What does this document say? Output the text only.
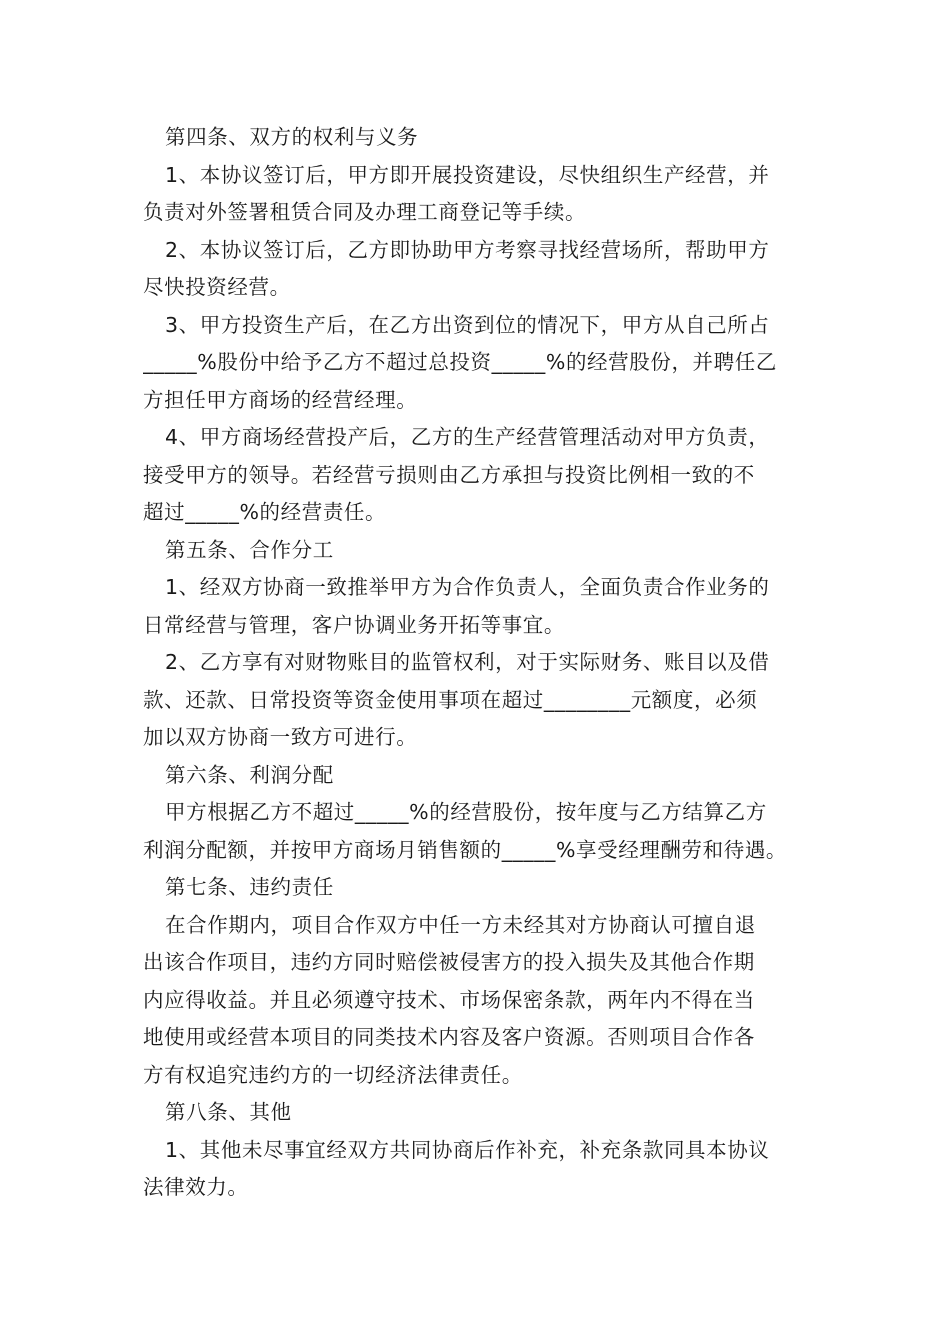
第四条、双方的权利与义务
1、本协议签订后，甲方即开展投资建设，尽快组织生产经营，并
负责对外签署租赁合同及办理工商登记等手续。
2、本协议签订后，乙方即协助甲方考察寻找经营场所，帮助甲方
尽快投资经营。
3、甲方投资生产后，在乙方出资到位的情况下，甲方从自己所占
_____%股份中给予乙方不超过总投资_____%的经营股份，并聘任乙
方担任甲方商场的经营经理。
4、甲方商场经营投产后，乙方的生产经营管理活动对甲方负责，
接受甲方的领导。若经营亏损则由乙方承担与投资比例相一致的不
超过_____%的经营责任。
第五条、合作分工
1、经双方协商一致推举甲方为合作负责人，全面负责合作业务的
日常经营与管理，客户协调业务开拓等事宜。
2、乙方享有对财物账目的监管权利，对于实际财务、账目以及借
款、还款、日常投资等资金使用事项在超过________元额度，必须
加以双方协商一致方可进行。
第六条、利润分配
甲方根据乙方不超过_____%的经营股份，按年度与乙方结算乙方
利润分配额，并按甲方商场月销售额的_____%享受经理酬劳和待遇。
第七条、违约责任
在合作期内，项目合作双方中任一方未经其对方协商认可擅自退
出该合作项目，违约方同时赔偿被侵害方的投入损失及其他合作期
内应得收益。并且必须遵守技术、市场保密条款，两年内不得在当
地使用或经营本项目的同类技术内容及客户资源。否则项目合作各
方有权追究违约方的一切经济法律责任。
第八条、其他
1、其他未尽事宜经双方共同协商后作补充，补充条款同具本协议
法律效力。
